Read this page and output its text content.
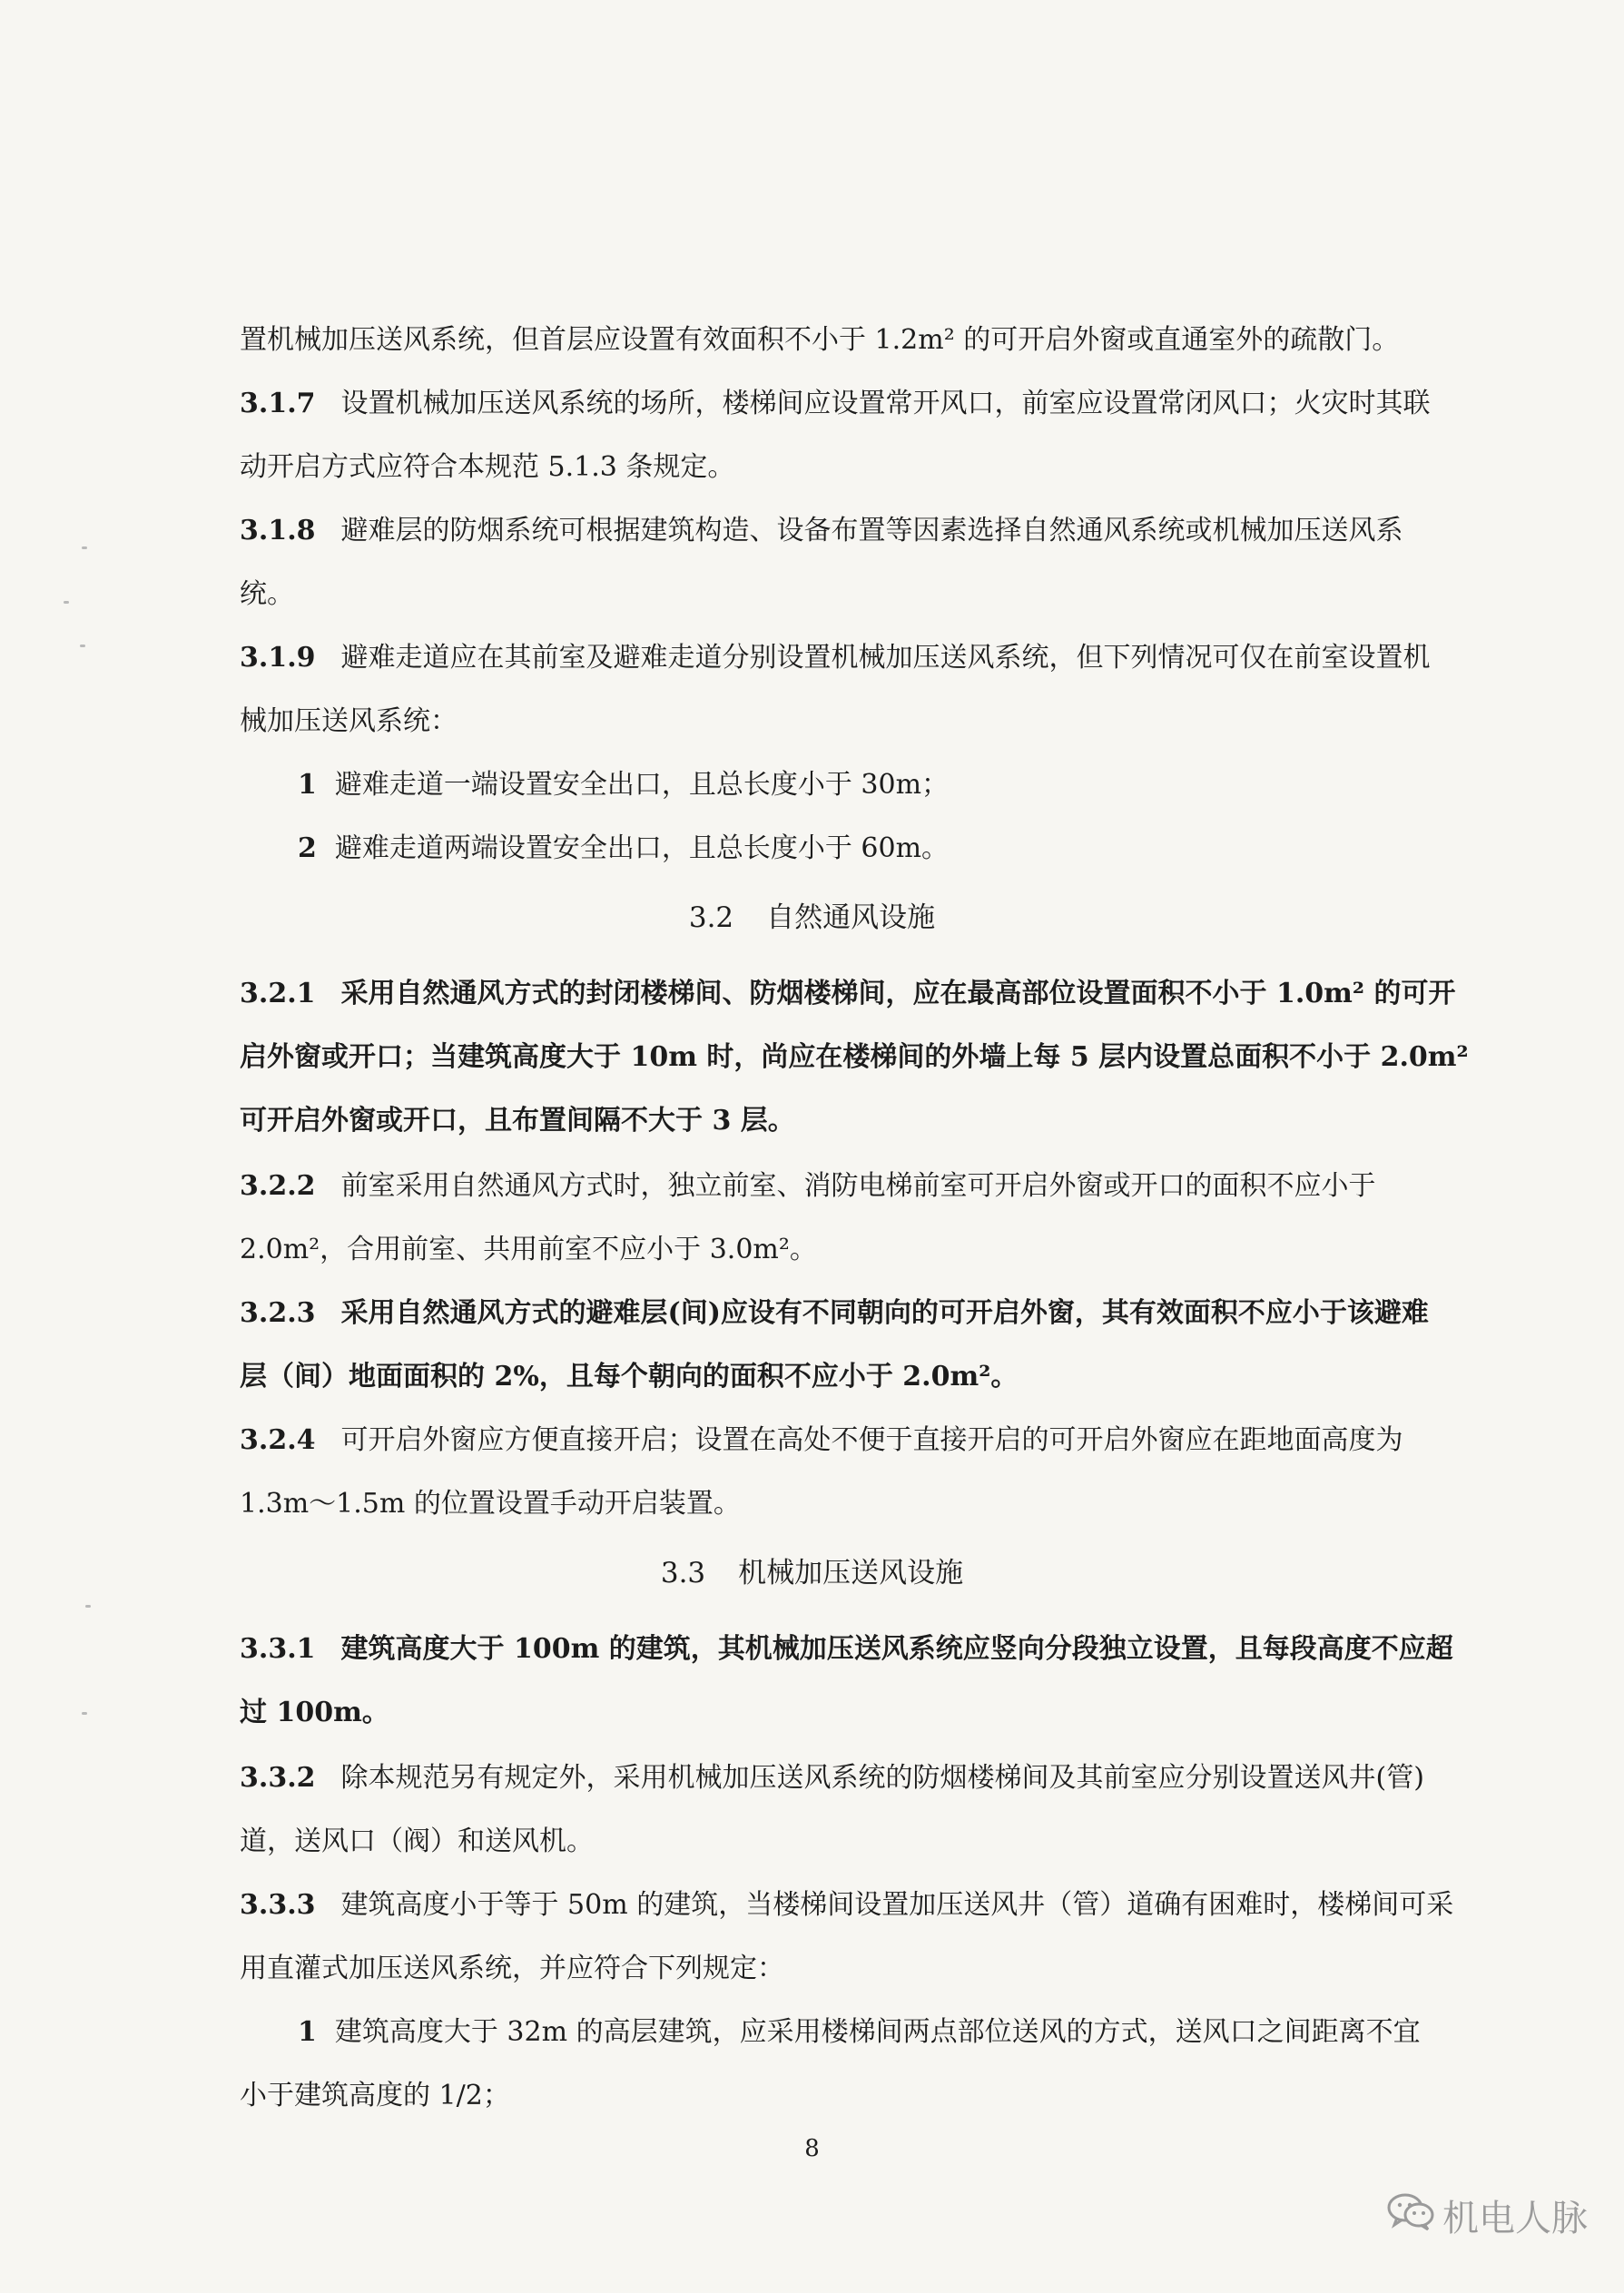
置机械加压送风系统，但首层应设置有效面积不小于 1.2m² 的可开启外窗或直通室外的疏散门。
3.1.7 设置机械加压送风系统的场所，楼梯间应设置常开风口，前室应设置常闭风口；火灾时其联
动开启方式应符合本规范 5.1.3 条规定。
3.1.8 避难层的防烟系统可根据建筑构造、设备布置等因素选择自然通风系统或机械加压送风系
统。
3.1.9 避难走道应在其前室及避难走道分别设置机械加压送风系统，但下列情况可仅在前室设置机
械加压送风系统：
1 避难走道一端设置安全出口，且总长度小于 30m；
2 避难走道两端设置安全出口，且总长度小于 60m。
3.2 自然通风设施
3.2.1 采用自然通风方式的封闭楼梯间、防烟楼梯间，应在最高部位设置面积不小于 1.0m² 的可开
启外窗或开口；当建筑高度大于 10m 时，尚应在楼梯间的外墙上每 5 层内设置总面积不小于 2.0m²
可开启外窗或开口，且布置间隔不大于 3 层。
3.2.2 前室采用自然通风方式时，独立前室、消防电梯前室可开启外窗或开口的面积不应小于
2.0m²，合用前室、共用前室不应小于 3.0m²。
3.2.3 采用自然通风方式的避难层(间)应设有不同朝向的可开启外窗，其有效面积不应小于该避难
层（间）地面面积的 2%，且每个朝向的面积不应小于 2.0m²。
3.2.4 可开启外窗应方便直接开启；设置在高处不便于直接开启的可开启外窗应在距地面高度为
1.3m～1.5m 的位置设置手动开启装置。
3.3 机械加压送风设施
3.3.1 建筑高度大于 100m 的建筑，其机械加压送风系统应竖向分段独立设置，且每段高度不应超
过 100m。
3.3.2 除本规范另有规定外，采用机械加压送风系统的防烟楼梯间及其前室应分别设置送风井(管)
道，送风口（阀）和送风机。
3.3.3 建筑高度小于等于 50m 的建筑，当楼梯间设置加压送风井（管）道确有困难时，楼梯间可采
用直灌式加压送风系统，并应符合下列规定：
1 建筑高度大于 32m 的高层建筑，应采用楼梯间两点部位送风的方式，送风口之间距离不宜
小于建筑高度的 1/2；
8
机电人脉
